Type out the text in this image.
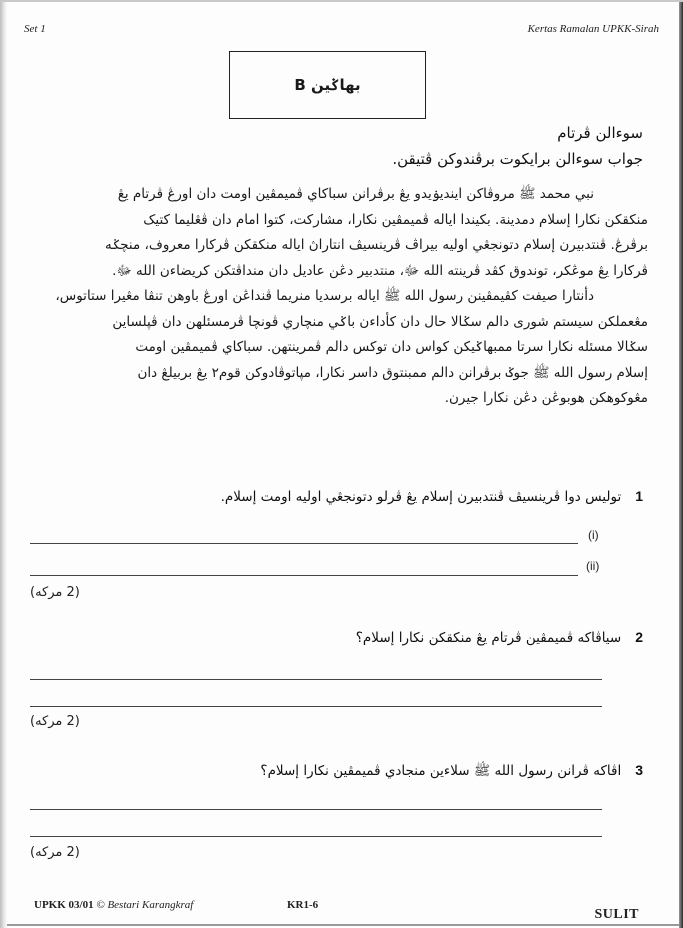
Set 1	Kertas Ramalan UPKK-Sirah
بهاݢين B
سوءالن ڤرتام
جواب سوءالن برايكوت برڤندوكن ڤتيقن.

نبي محمد ﷺ مروڤاكن اينديۏيدو يڠ برڤرانن سباکاي ڤميمڤين اومت دان اورڠ ڤرتام يڠ

منکقکن نکارا إسلام دمدينة. بکيندا اياله ڤميمڤين نکارا، مشارکت، کتوا امام دان ڤڠليما کتيک

برڤرڠ. ڤنتدبيرن إسلام دتونجڠي اوليه بيراڤ ڤرينسيڤ انتاراڽ اياله منکقکن ڤرکارا معروف، منچݢه

ڤرکارا يڠ موڠكر، توندوق کڤد ڤرينته الله ﷻ، منتدبير دڠن عاديل دان منداڤتکن کريضاءن الله ﷻ.

دأنتارا صيفت کڤيمڤينن رسول الله ﷺ اياله برسديا منريما ڤنداڠن اورڠ باوهن تنڤا مڠيرا ستاتوس،

مڠعملکن سيستم شورى دالم سݢالا حال دان کأداءن باݢي منچاري ڤونچا ڤرمسئلهن دان ڤڽلساين

سݢالا مسئله نکارا سرتا ممبهاݢيکن کواس دان توکس دالم ڤمرينتهن. سباکاي ڤميمڤين اومت

إسلام رسول الله ﷺ جوݢ برڤرانن دالم ممبنتوق داسر نکارا، مڽاتوڤادوکن قوم٢ يڠ بربيلڠ دان

مڠوکوهکن هوبوڠن دڠن نکارا جيرن.

1
توليس دوا ڤرينسيڤ ڤنتدبيرن إسلام يڠ ڤرلو دتونجڠي اوليه اومت إسلام.
(i)
(ii)
(2 مرکه)
2
سياڤاکه ڤميمڤين ڤرتام يڠ منکقکن نکارا إسلام؟
(2 مرکه)
3
اڤاکه ڤرانن رسول الله ﷺ سلاءين منجادي ڤميمڤين نکارا إسلام؟
(2 مرکه)
UPKK 03/01 © Bestari Karangkraf	KR1-6
SULIT
